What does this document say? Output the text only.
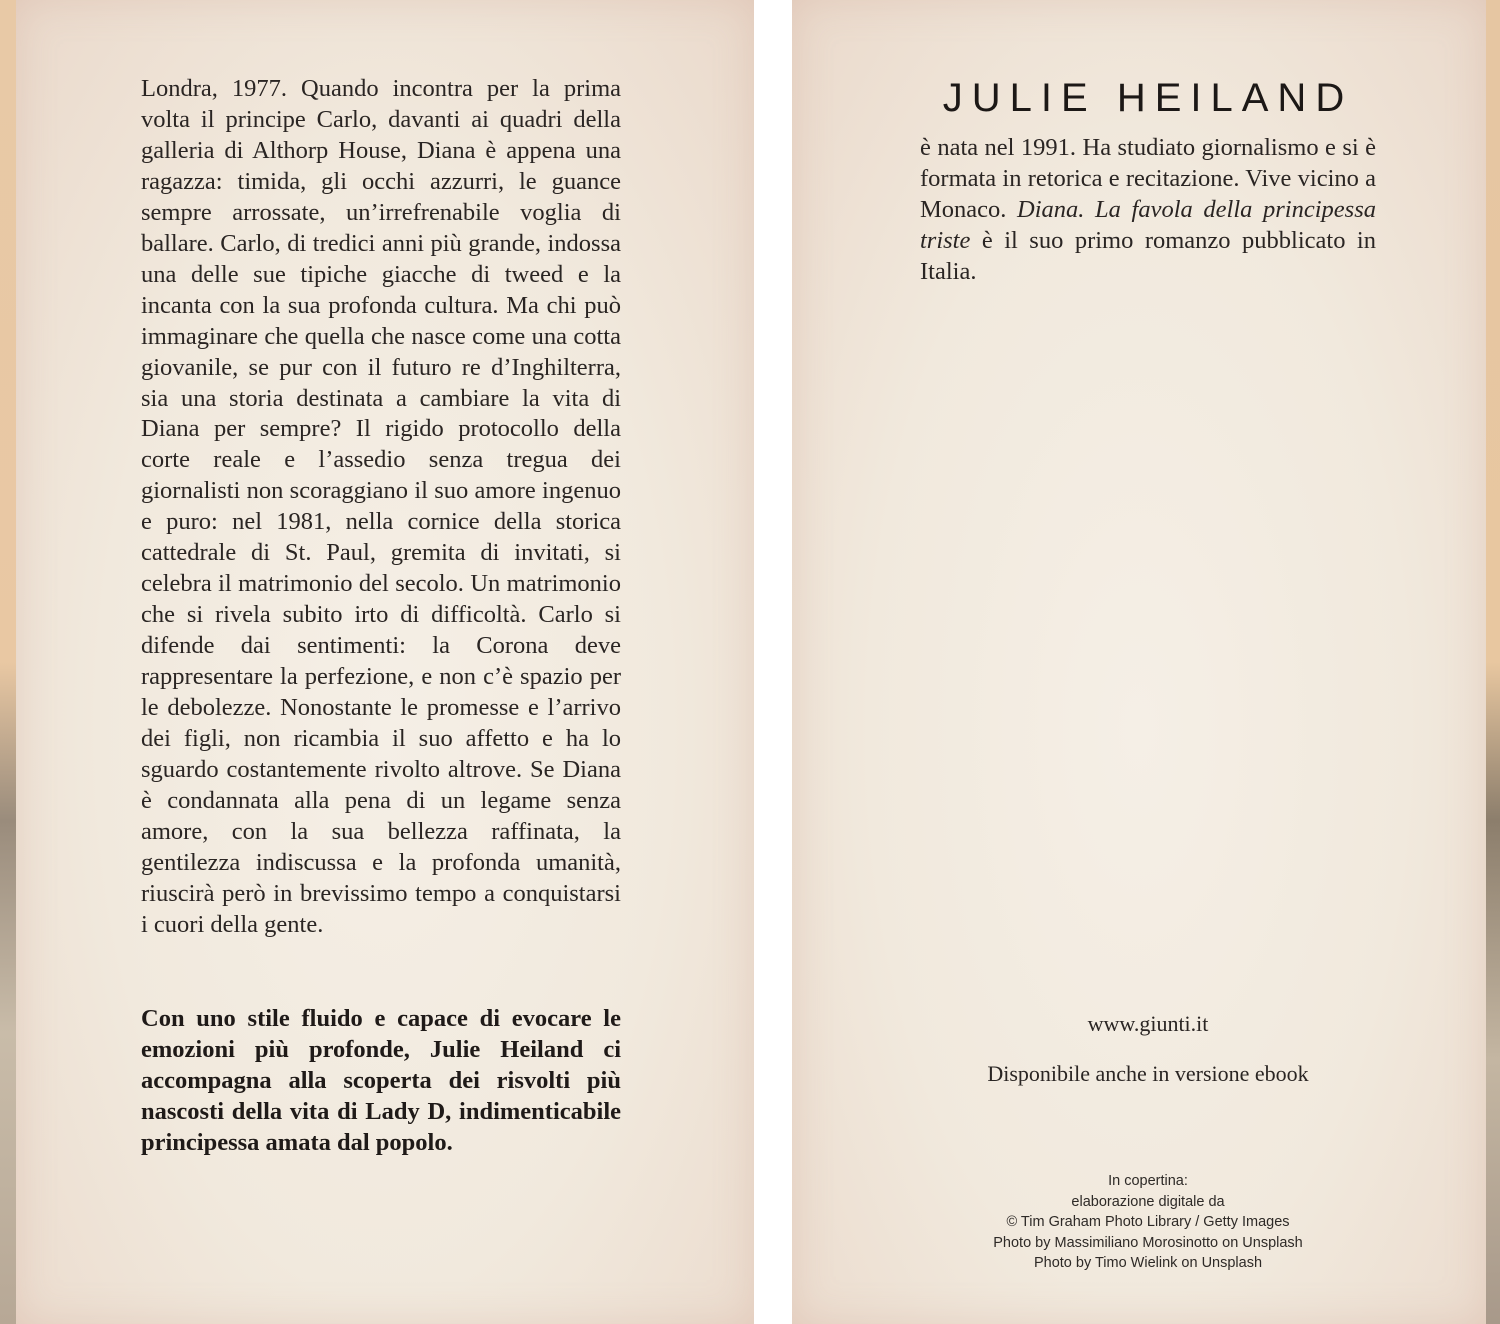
Londra, 1977. Quando incontra per la prima volta il principe Carlo, davanti ai quadri della galleria di Althorp House, Diana è appena una ragazza: timida, gli occhi azzurri, le guance sempre arrossate, un’irrefrenabile voglia di ballare. Carlo, di tredici anni più grande, indossa una delle sue tipiche giacche di tweed e la incanta con la sua profonda cultura. Ma chi può immaginare che quella che nasce come una cotta giovanile, se pur con il futuro re d’Inghilterra, sia una storia destinata a cambiare la vita di Diana per sempre? Il rigido protocollo della corte reale e l’assedio senza tregua dei giornalisti non scoraggiano il suo amore ingenuo e puro: nel 1981, nella cornice della storica cattedrale di St. Paul, gremita di invitati, si celebra il matrimonio del secolo. Un matrimonio che si rivela subito irto di difficoltà. Carlo si difende dai sentimenti: la Corona deve rappresentare la perfezione, e non c’è spazio per le debolezze. Nonostante le promesse e l’arrivo dei figli, non ricambia il suo affetto e ha lo sguardo costantemente rivolto altrove. Se Diana è condannata alla pena di un legame senza amore, con la sua bellezza raffinata, la gentilezza indiscussa e la profonda umanità, riuscirà però in brevissimo tempo a conquistarsi i cuori della gente.

Con uno stile fluido e capace di evocare le emozioni più profonde, Julie Heiland ci accompagna alla scoperta dei risvolti più nascosti della vita di Lady D, indimenticabile principessa amata dal popolo.

JULIE HEILAND

è nata nel 1991. Ha studiato giornalismo e si è formata in retorica e recitazione. Vive vicino a Monaco. Diana. La favola della principessa triste è il suo primo romanzo pubblicato in Italia.

www.giunti.it
Disponibile anche in versione ebook
In copertina:
elaborazione digitale da
© Tim Graham Photo Library / Getty Images
Photo by Massimiliano Morosinotto on Unsplash
Photo by Timo Wielink on Unsplash
